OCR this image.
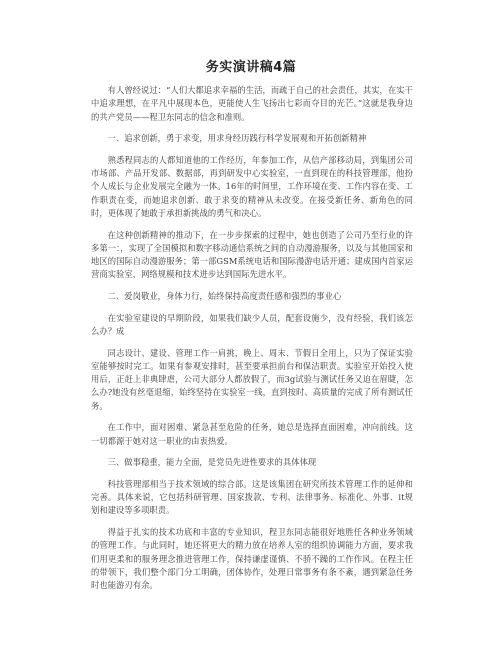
务实演讲稿4篇

有人曾经说过：“人们大都追求幸福的生活，而疏于自己的社会责任，其实，在实干中追求理想，在平凡中展现本色，更能使人生飞扬出七彩而夺目的光芒。”这就是我身边的共产党员——程卫东同志的信念和准则。

一、追求创新，勇于求变，用求身经历践行科学发展观和开拓创新精神

熟悉程同志的人都知道他的工作经历，年参加工作，从信产部移动局，到集团公司市场部、产品开发部、数据部，再到研发中心实验室，一直到现在的科技管理部，他扮个人成长与企业发展完全融为一体。16年的时间里，工作环境在变、工作内容在变、工作职责在变，而她追求创新、敢于求变的精神从未改变。在接受新任务、新角色的同时，更体现了她敢于承担新挑战的勇气和决心。

在这种创新精神的推动下，在一步步探索的过程中，她也创造了公司乃至行业的许多第一：，实现了全国模拟和数字移动通信系统之间的自动漫游服务，以及与其他国家和地区的国际自动漫游服务；第一部GSM系统电话和国际漫游电话开通；建成国内首家运营商实验室，网络规模和技术进步达到国际先进水平。

二、爱岗敬业，身体力行，始终保持高度责任感和强烈的事业心

在实验室建设的早期阶段，如果我们缺少人员，配套设施少，没有经验，我们该怎么办？成

同志设计、建设、管理工作一肩挑，晚上、周末、节假日全用上，只为了保证实验室能够按时完工。如果有参观安排时，甚至要承担前台和保洁职责。实验室开始投入使用后，正赶上非典肆虐，公司大部分人都放假了，而3g试验与测试任务又迫在眉睫，怎么办?她没有丝毫退缩，始终坚持在实验室一线，直到按时、高质量的完成了所有测试任务。

在工作中，面对困难、紧急甚至危险的任务，她总是选择直面困难，冲向前线。这一切都源于她对这一职业的由衷热爱。

三、做事稳重，能力全面，是党员先进性要求的具体体现

科技管理部相当于技术领域的综合部。这是该集团在研究所技术管理工作的延伸和完善。具体来说，它包括科研管理、国家拨款、专利、法律事务、标准化、外事、it规划和建设等多项职责。

得益于扎实的技术功底和丰富的专业知识，程卫东同志能很好地胜任各种业务领域的管理工作。与此同时，她还将更大的精力放在培养人室的组织协调能力方面，要求我们用更柔和的服务理念推进管理工作，保持谦虚谨慎、不骄不躁的工作作风。在程主任的带领下，我们整个部门分工明确，团体协作，处理日常事务有条不紊，遇到紧急任务时也能游刃有余。
